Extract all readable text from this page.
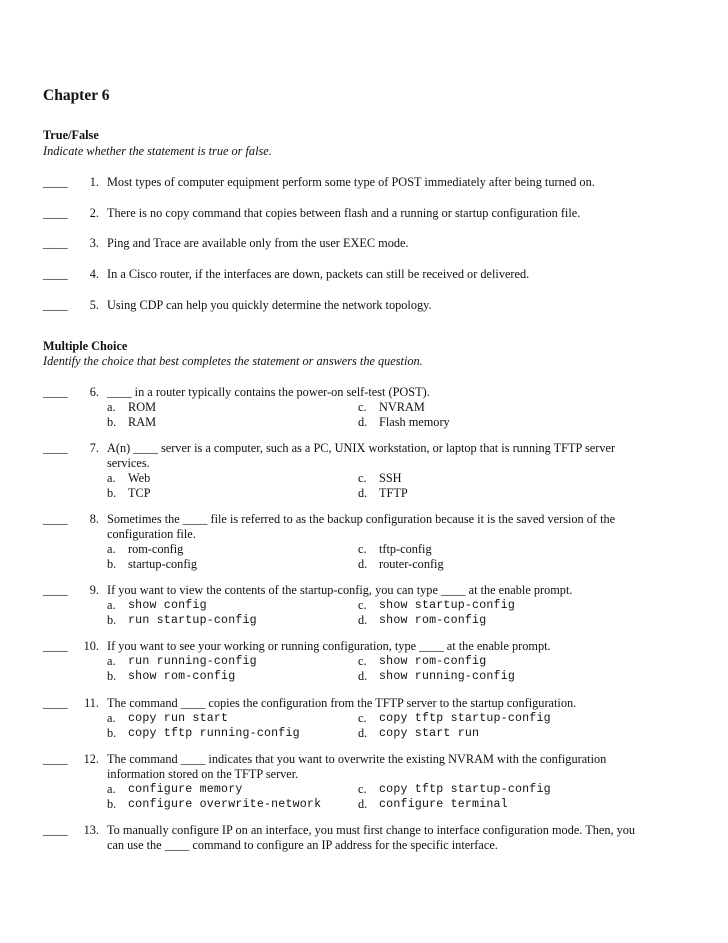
Chapter 6
True/False
Indicate whether the statement is true or false.
____	1. Most types of computer equipment perform some type of POST immediately after being turned on.
____	2. There is no copy command that copies between flash and a running or startup configuration file.
____	3. Ping and Trace are available only from the user EXEC mode.
____	4. In a Cisco router, if the interfaces are down, packets can still be received or delivered.
____	5. Using CDP can help you quickly determine the network topology.
Multiple Choice
Identify the choice that best completes the statement or answers the question.
____	6. ____ in a router typically contains the power-on self-test (POST).
a. ROM	c. NVRAM
b. RAM	d. Flash memory
____	7. A(n) ____ server is a computer, such as a PC, UNIX workstation, or laptop that is running TFTP server
services.
a. Web	c. SSH
b. TCP	d. TFTP
____	8. Sometimes the ____ file is referred to as the backup configuration because it is the saved version of the
configuration file.
a. rom-config	c. tftp-config
b. startup-config	d. router-config
____	9. If you want to view the contents of the startup-config, you can type ____ at the enable prompt.
a. show config	c. show startup-config
b. run startup-config	d. show rom-config
____	10. If you want to see your working or running configuration, type ____ at the enable prompt.
a. run running-config	c. show rom-config
b. show rom-config	d. show running-config
____	11. The command ____ copies the configuration from the TFTP server to the startup configuration.
a. copy run start	c. copy tftp startup-config
b. copy tftp running-config	d. copy start run
____	12. The command ____ indicates that you want to overwrite the existing NVRAM with the configuration
information stored on the TFTP server.
a. configure memory	c. copy tftp startup-config
b. configure overwrite-network	d. configure terminal
____	13. To manually configure IP on an interface, you must first change to interface configuration mode. Then, you
can use the ____ command to configure an IP address for the specific interface.
